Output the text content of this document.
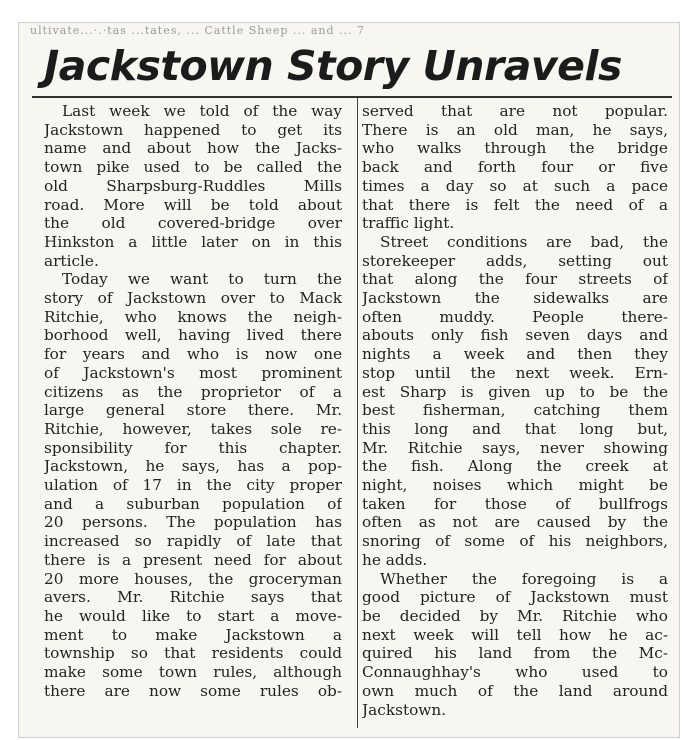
ultivate...·.·tas ...tates, ... Cattle Sheep ... and ... 7
Jackstown Story Unravels
Last week we told of the way
Jackstown happened to get its
name and about how the Jacks-
town pike used to be called the
old Sharpsburg-Ruddles Mills
road. More will be told about
the old covered-bridge over
Hinkston a little later on in this
article.
Today we want to turn the
story of Jackstown over to Mack
Ritchie, who knows the neigh-
borhood well, having lived there
for years and who is now one
of Jackstown's most prominent
citizens as the proprietor of a
large general store there. Mr.
Ritchie, however, takes sole re-
sponsibility for this chapter.
Jackstown, he says, has a pop-
ulation of 17 in the city proper
and a suburban population of
20 persons. The population has
increased so rapidly of late that
there is a present need for about
20 more houses, the groceryman
avers. Mr. Ritchie says that
he would like to start a move-
ment to make Jackstown a
township so that residents could
make some town rules, although
there are now some rules ob-
served that are not popular.
There is an old man, he says,
who walks through the bridge
back and forth four or five
times a day so at such a pace
that there is felt the need of a
traffic light.
Street conditions are bad, the
storekeeper adds, setting out
that along the four streets of
Jackstown the sidewalks are
often muddy. People there-
abouts only fish seven days and
nights a week and then they
stop until the next week. Ern-
est Sharp is given up to be the
best fisherman, catching them
this long and that long but,
Mr. Ritchie says, never showing
the fish. Along the creek at
night, noises which might be
taken for those of bullfrogs
often as not are caused by the
snoring of some of his neighbors,
he adds.
Whether the foregoing is a
good picture of Jackstown must
be decided by Mr. Ritchie who
next week will tell how he ac-
quired his land from the Mc-
Connaughhay's who used to
own much of the land around
Jackstown.
